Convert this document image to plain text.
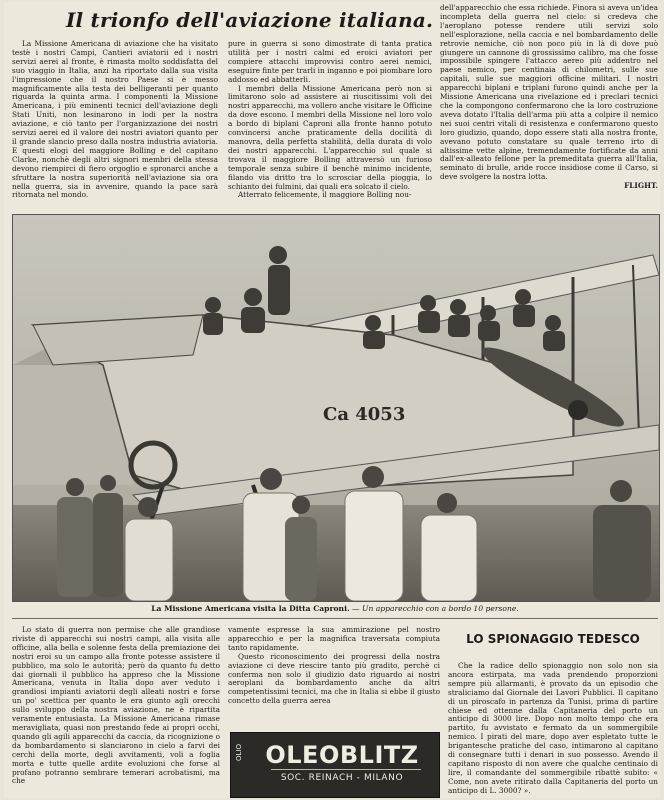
Il trionfo dell'aviazione italiana.

La Missione Americana di aviazione che ha visitato testè i nostri Campi, Cantieri aviatorii ed i nostri servizi aerei al fronte, è rimasta molto soddisfatta del suo viaggio in Italia, anzi ha riportato dalla sua visita l'impressione che il nostro Paese si è messo magnificamente alla testa dei belligeranti per quanto riguarda la quinta arma. I componenti la Missione Americana, i più eminenti tecnici dell'aviazione degli Stati Uniti, non lesinarono in lodi per la nostra aviazione, e ciò tanto per l'organizzazione dei nostri servizi aerei ed il valore dei nostri aviatori quanto per il grande slancio preso dalla nostra industria aviatoria. E questi elogi del maggiore Bolling e del capitano Clarke, nonchè degli altri signori membri della stessa devono riempirci di fiero orgoglio e spronarci anche a sfruttare la nostra superiorità nell'aviazione sia ora nella guerra, sia in avvenire, quando la pace sarà ritornata nel mondo.

pure in guerra si sono dimostrate di tanta pratica utilità per i nostri calmi ed eroici aviatori per compiere attacchi improvvisi contro aerei nemici, eseguire finte per trarli in inganno e poi piombare loro addosso ed abbatterli.

I membri della Missione Americana però non si limitarono solo ad assistere ai riuscitissimi voli dei nostri apparecchi, ma vollero anche visitare le Officine da dove escono. I membri della Missione nel loro volo a bordo di biplani Caproni alla fronte hanno potuto convincersi anche praticamente della docilità di manovra, della perfetta stabilità, della durata di volo dei nostri apparecchi. L'apparecchio sul quale si trovava il maggiore Bolling attraversò un furioso temporale senza subire il benchè minimo incidente, filando via dritto tra lo scrosciar della pioggia, lo schianto dei fulmini, dai quali era solcato il cielo.

Atterrato felicemente, il maggiore Bolling nou-

dell'apparecchio che essa richiede. Finora si aveva un'idea incompleta della guerra nel cielo: si credeva che l'aeroplano potesse rendere utili servizi solo nell'esplorazione, nella caccia e nel bombardamento delle retrovie nemiche, ciò non poco più in là di dove può giungere un cannone di grossissimo calibro, ma che fosse impossibile spingere l'attacco aereo più addentro nel paese nemico, per centinaia di chilometri, sulle sue capitali, sulle sue maggiori officine militari. I nostri apparecchi biplani e triplani furono quindi anche per la Missione Americana una rivelazione ed i preclari tecnici che la compongono confermarono che la loro costruzione aveva dotato l'Italia dell'arma più atta a colpire il nemico nei suoi centri vitali di resistenza e confermarono questo loro giudizio, quando, dopo essere stati alla nostra fronte, avevano potuto constatare su quale terreno irto di altissime vette alpine, tremendamente fortificate da anni dall'ex-alleato fellone per la premeditata guerra all'Italia, seminato di brulle, aride rocce insidiose come il Carso, si deve svolgere la nostra lotta.

FLIGHT.
Ca 4053
La Missione Americana visita la Ditta Caproni. — Un apparecchio con a bordo 10 persone.

Lo stato di guerra non permise che alle grandiose riviste di apparecchi sui nostri campi, alla visita alle officine, alla bella e solenne festa della premiazione dei nostri eroi su un campo alla fronte potesse assistere il pubblico, ma solo le autorità; però da quanto fu detto dai giornali il pubblico ha appreso che la Missione Americana, venuta in Italia dopo aver veduto i grandiosi impianti aviatorii degli alleati nostri e forse un po' scettica per quanto le era giunto agli orecchi sullo sviluppo della nostra aviazione, ne è ripartita veramente entusiasta. La Missione Americana rimase meravigliata, quasi non prestando fede ai propri occhi, quando gli agili apparecchi da caccia, da ricognizione o da bombardamento si slanciarono in cielo a farvi dei cerchi della morte, degli avvitamenti, voli a foglia morta e tutte quelle ardite evoluzioni che forse al profano potranno sembrare temerari acrobatismi, ma che

vamente espresse la sua ammirazione pel nostro apparecchio e per la magnifica traversata compiuta tanto rapidamente.

Questo riconoscimento dei progressi della nostra aviazione ci deve riescire tanto più gradito, perchè ci conferma non solo il giudizio dato riguardo ai nostri aeroplani da bombardamento anche da altri competentissimi tecnici, ma che in Italia si ebbe il giusto concetto della guerra aerea

OLIO OLEOBLITZ
SOC. REINACH - MILANO
LO SPIONAGGIO TEDESCO

Che la radice dello spionaggio non solo non sia ancora estirpata, ma vada prendendo proporzioni sempre più allarmanti, è provato da un episodio che straliciamo dal Giornale dei Lavori Pubblici. Il capitano di un piroscafo in partenza da Tunisi, prima di partire chiese ed ottenne dalla Capitaneria del porto un anticipo di 3000 lire. Dopo non molto tempo che era partito, fu avvistato e fermato da un sommergibile nemico. I pirati del mare, dopo aver espletato tutte le brigantesche pratiche del caso, intimarono al capitano di consegnare tutti i denari in suo possesso. Avendo il capitano risposto di non avere che qualche centinaio di lire, il comandante del sommergibile ribattè subito: « Come, non avete ritirato dalla Capitaneria del porto un anticipo di L. 3000? ».
